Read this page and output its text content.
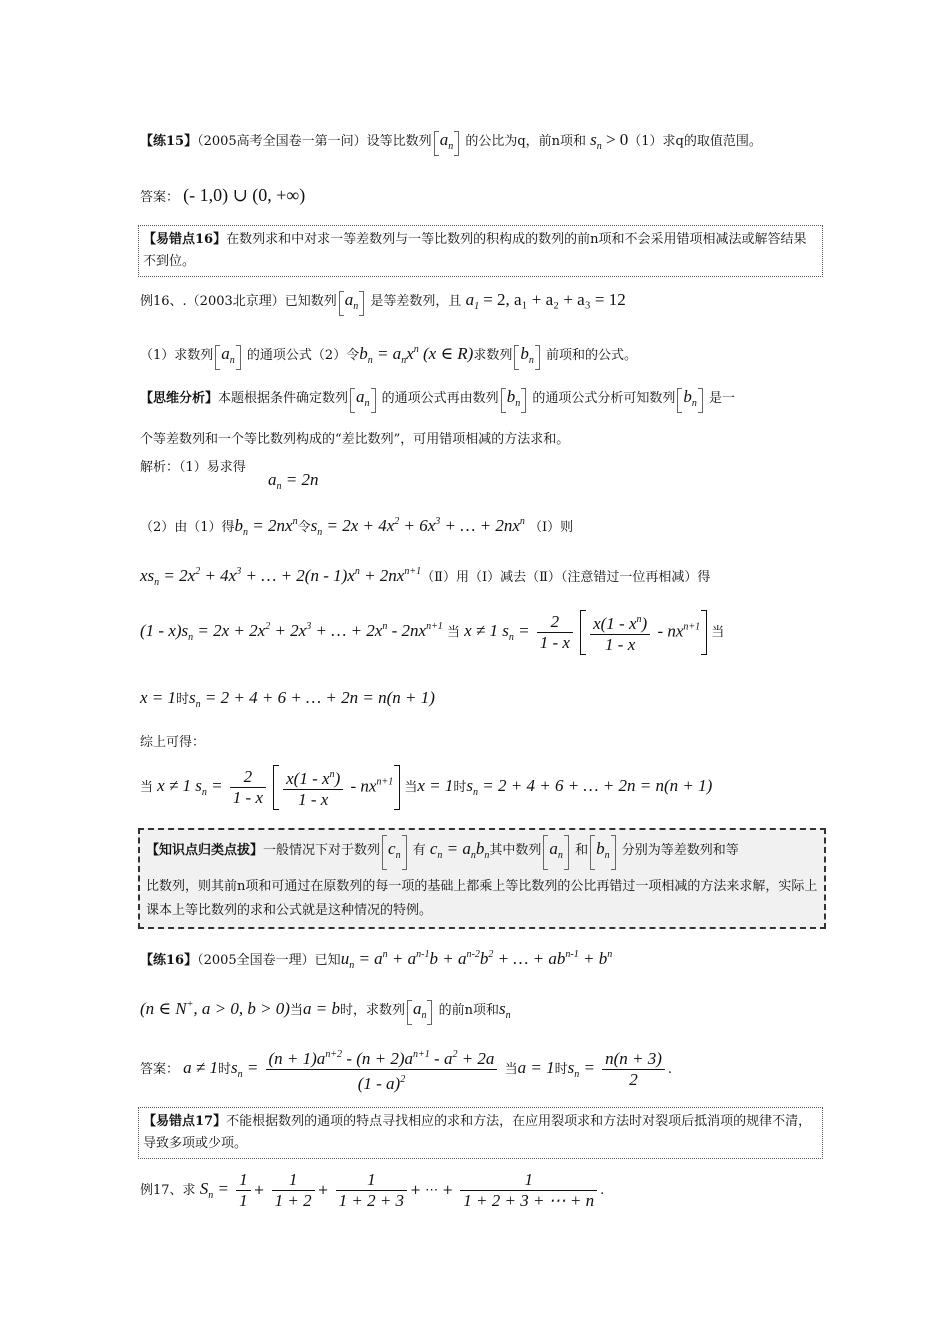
【练15】（2005高考全国卷一第一问）设等比数列 $a_n$ 的公比为q，前n项和 $s_n > 0(1)$求q的取值范围。
答案： (- 1,0) ∪ (0, +∞)
【易错点16】在数列求和中对求一等差数列与一等比数列的积构成的数列的前n项和不会采用错项相减法或解答结果不到位。
例16、.（2003北京理）已知数列 $a_n$ 是等差数列，且 $a_1 = 2$, a₁ + a₂ + a₃ = 12
（1）求数列 $a_n$ 的通项公式（2）令$b_n = a_nx^n$ (x ∈ R)求数列 $b_n$ 前项和的公式。
【思维分析】本题根据条件确定数列 $a_n$ 的通项公式再由数列 $b_n$ 的通项公式分析可知数列 $b_n$ 是一
个等差数列和一个等比数列构成的“差比数列”，可用错项相减的方法求和。
解析：（1）易求得
$a_n = 2n$
（2）由（1）得$b_n = 2nx^n$令$s_n = 2x + 4x^2 + 6x^3$ + … + $2nx^n$ （Ⅰ）则
$xs_n = 2x^2 + 4x^3$ + … + $2(n - 1)x^n$ + $2nx^{n+1}(Ⅱ)$用（Ⅰ）减去（Ⅱ）（注意错过一位再相减）得
$(1 - x)s_n = 2x + 2x^2 + 2x^3$ + … + $2x^n - 2nx^{n+1}$ 当 x ≠ 1 $s_n = \frac{2}{1 - x}$
$\frac{x(1 - x^n)}{1 - x} - nx^{n+1}$ 当
x = 1时$s_n = 2 + 4 + 6$ + … + 2n = n(n + 1)
综上可得：
当 x ≠ 1 $s_n = \frac{2}{1 - x}$
$\frac{x(1 - x^n)}{1 - x} - nx^{n+1}$ 当x = 1时$s_n = 2 + 4 + 6$ + … + 2n = n(n + 1)
【知识点归类点拔】一般情况下对于数列 $c_n$ 有 $c_n = a_nb_n$其中数列 $a_n$ 和 $b_n$ 分别为等差数列和等
比数列，则其前n项和可通过在原数列的每一项的基础上都乘上等比数列的公比再错过一项相减的方法来求解，实际上课本上等比数列的求和公式就是这种情况的特例。
【练16】（2005全国卷一理）已知$u_n = a^n + a^{n-1}b + a^{n-2}b^2$ + … + $ab^{n-1} + b^n$
(n ∈ N+, a > 0, b > 0)当a = b时，求数列 $a_n$ 的前n项和$s_n$
答案： a ≠ 1时$s_n = \frac{(n + 1)a^{n+2} - (n + 2)a^{n+1} - a^2 + 2a}{(1 - a)^2}$ 当a = 1时$s_n = \frac{n(n + 3)}{2}$ .
【易错点17】不能根据数列的通项的特点寻找相应的求和方法，在应用裂项求和方法时对裂项后抵消项的规律不清，导致多项或少项。
例17、求 $S_n = \frac{1}{1} + \frac{1}{1 + 2} + \frac{1}{1 + 2 + 3}$ + ⋯ + $\frac{1}{1 + 2 + 3 + \cdots + n}$ .
